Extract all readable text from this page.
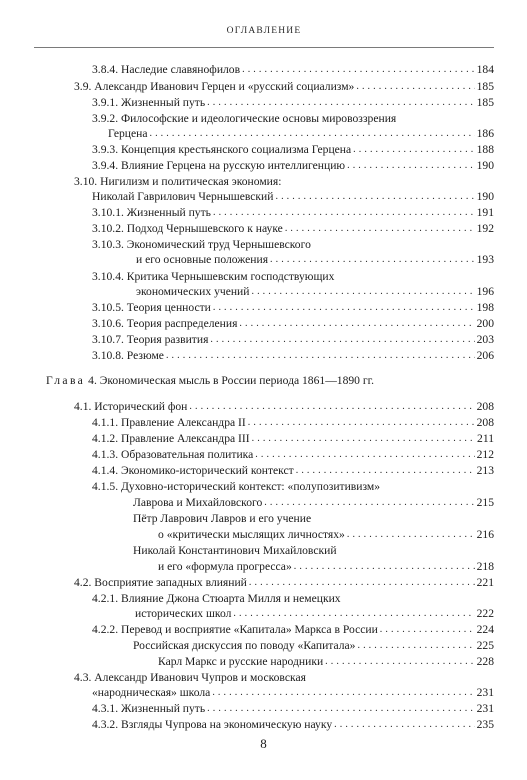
ОГЛАВЛЕНИЕ
3.8.4. Наследие славянофилов . . .	184
3.9. Александр Иванович Герцен и «русский социализм» . . .	185
3.9.1. Жизненный путь . . .	185
3.9.2. Философские и идеологические основы мировоззрения
Герцена . . .	186
3.9.3. Концепция крестьянского социализма Герцена . . .	188
3.9.4. Влияние Герцена на русскую интеллигенцию . . .	190
3.10. Нигилизм и политическая экономия:
Николай Гаврилович Чернышевский . . .	190
3.10.1. Жизненный путь . . .	191
3.10.2. Подход Чернышевского к науке . . .	192
3.10.3. Экономический труд Чернышевского
и его основные положения . . .	193
3.10.4. Критика Чернышевским господствующих
экономических учений . . .	196
3.10.5. Теория ценности . . .	198
3.10.6. Теория распределения . . .	200
3.10.7. Теория развития . . .	203
3.10.8. Резюме . . .	206
Глава 4. Экономическая мысль в России периода 1861—1890 гг.
4.1. Исторический фон . . .	208
4.1.1. Правление Александра II . . .	208
4.1.2. Правление Александра III . . .	211
4.1.3. Образовательная политика . . .	212
4.1.4. Экономико-исторический контекст . . .	213
4.1.5. Духовно-исторический контекст: «полупозитивизм»
Лаврова и Михайловского . . .	215
Пётр Лаврович Лавров и его учение
о «критически мыслящих личностях» . . .	216
Николай Константинович Михайловский
и его «формула прогресса» . . .	218
4.2. Восприятие западных влияний . . .	221
4.2.1. Влияние Джона Стюарта Милля и немецких
исторических школ . . .	222
4.2.2. Перевод и восприятие «Капитала» Маркса в России . . .	224
Российская дискуссия по поводу «Капитала» . . .	225
Карл Маркс и русские народники . . .	228
4.3. Александр Иванович Чупров и московская
«народническая» школа . . .	231
4.3.1. Жизненный путь . . .	231
4.3.2. Взгляды Чупрова на экономическую науку . . .	235
8
